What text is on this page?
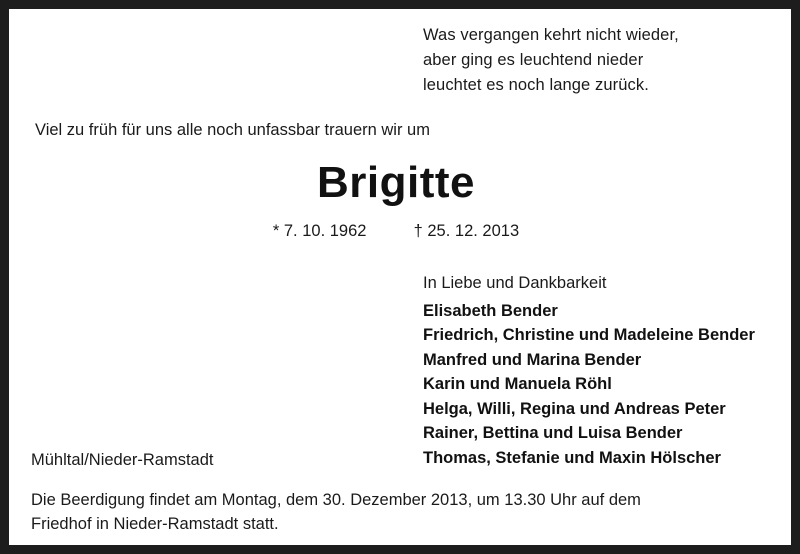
Was vergangen kehrt nicht wieder,
aber ging es leuchtend nieder
leuchtet es noch lange zurück.
Viel zu früh für uns alle noch unfassbar trauern wir um
Brigitte
* 7. 10. 1962	† 25. 12. 2013
In Liebe und Dankbarkeit
Elisabeth Bender
Friedrich, Christine und Madeleine Bender
Manfred und Marina Bender
Karin und Manuela Röhl
Helga, Willi, Regina und Andreas Peter
Rainer, Bettina und Luisa Bender
Thomas, Stefanie und Maxin Hölscher
Mühltal/Nieder-Ramstadt
Die Beerdigung findet am Montag, dem 30. Dezember 2013, um 13.30 Uhr auf dem
Friedhof in Nieder-Ramstadt statt.
